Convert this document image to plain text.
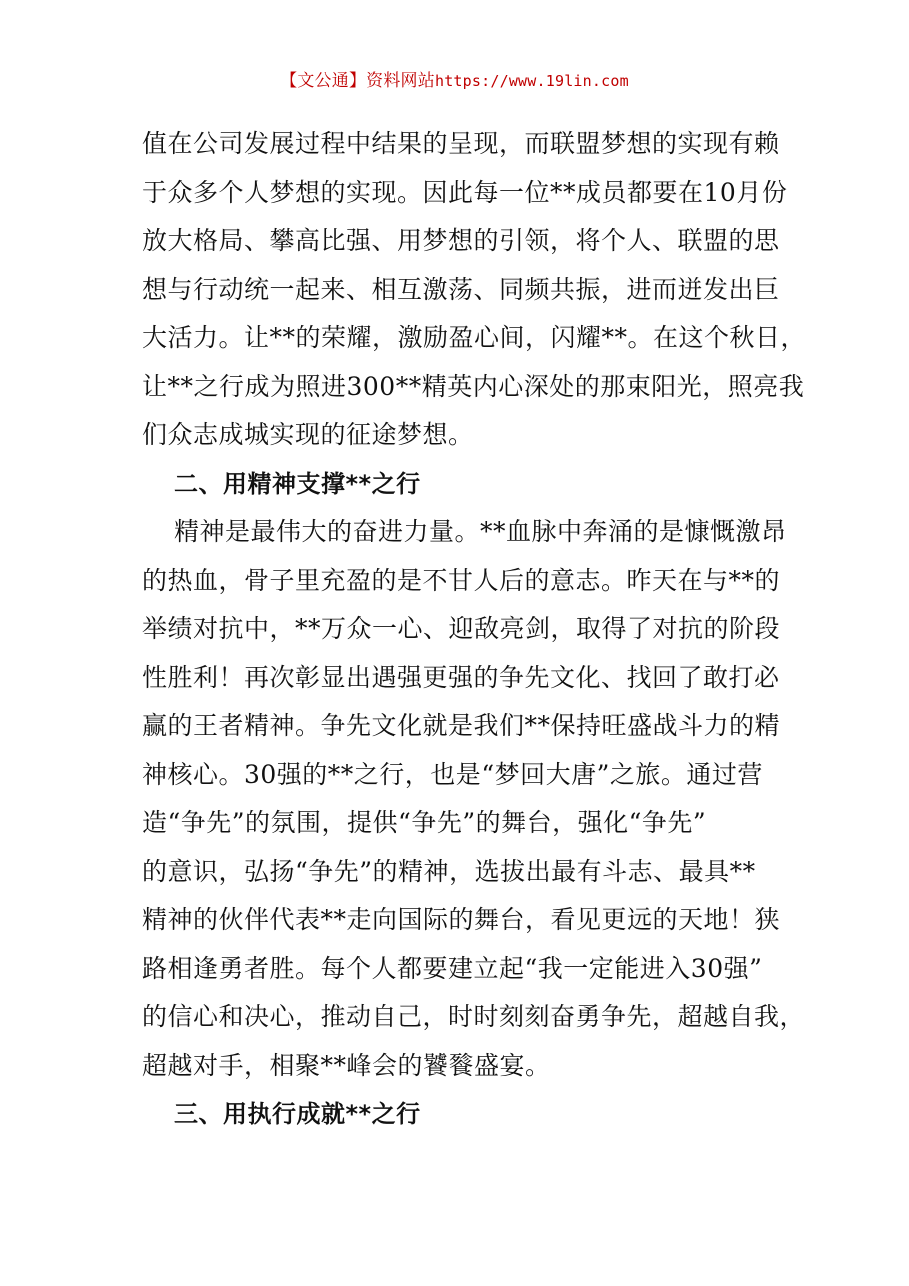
【文公通】资料网站https://www.19lin.com
值在公司发展过程中结果的呈现，而联盟梦想的实现有赖
于众多个人梦想的实现。因此每一位**成员都要在10月份
放大格局、攀高比强、用梦想的引领，将个人、联盟的思
想与行动统一起来、相互激荡、同频共振，进而迸发出巨
大活力。让**的荣耀，激励盈心间，闪耀**。在这个秋日，
让**之行成为照进300**精英内心深处的那束阳光，照亮我
们众志成城实现的征途梦想。
二、用精神支撑**之行
精神是最伟大的奋进力量。**血脉中奔涌的是慷慨激昂
的热血，骨子里充盈的是不甘人后的意志。昨天在与**的
举绩对抗中，**万众一心、迎敌亮剑，取得了对抗的阶段
性胜利！再次彰显出遇强更强的争先文化、找回了敢打必
赢的王者精神。争先文化就是我们**保持旺盛战斗力的精
神核心。30强的**之行，也是“梦回大唐”之旅。通过营
造“争先”的氛围，提供“争先”的舞台，强化“争先”
的意识，弘扬“争先”的精神，选拔出最有斗志、最具**
精神的伙伴代表**走向国际的舞台，看见更远的天地！狭
路相逢勇者胜。每个人都要建立起“我一定能进入30强”
的信心和决心，推动自己，时时刻刻奋勇争先，超越自我，
超越对手，相聚**峰会的饕餮盛宴。
三、用执行成就**之行
